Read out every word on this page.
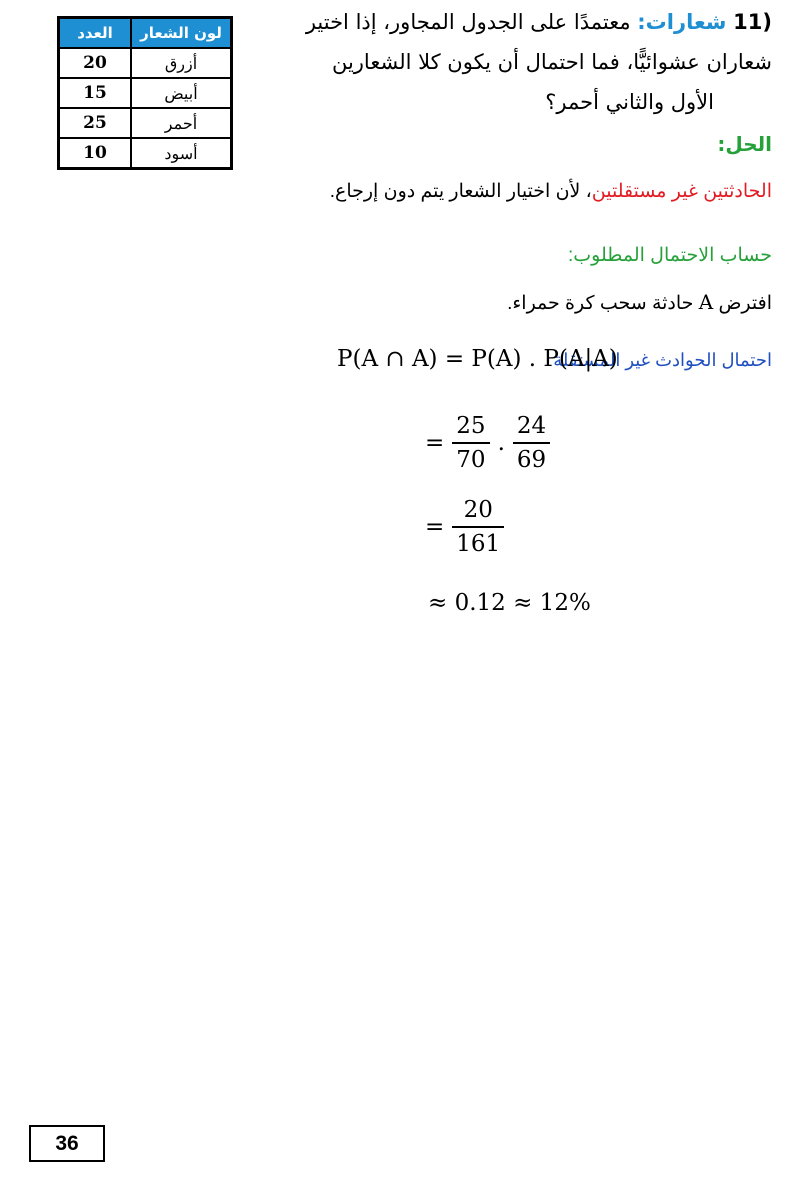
(11 شعارات: معتمدًا على الجدول المجاور، إذا اختير
شعاران عشوائيًّا، فما احتمال أن يكون كلا الشعارين
الأول والثاني أحمر؟
الحل:
العدد	لون الشعار
20	أزرق
15	أبيض
25	أحمر
10	أسود
الحادثتين غير مستقلتين، لأن اختيار الشعار يتم دون إرجاع.
حساب الاحتمال المطلوب:
افترض A حادثة سحب كرة حمراء.
احتمال الحوادث غير المستقلة
P(A ∩ A) = P(A) . P(A|A)
= $\frac{25}{70}$ . $\frac{24}{69}$
= $\frac{20}{161}$
≈ 0.12 ≈ 12%
36
